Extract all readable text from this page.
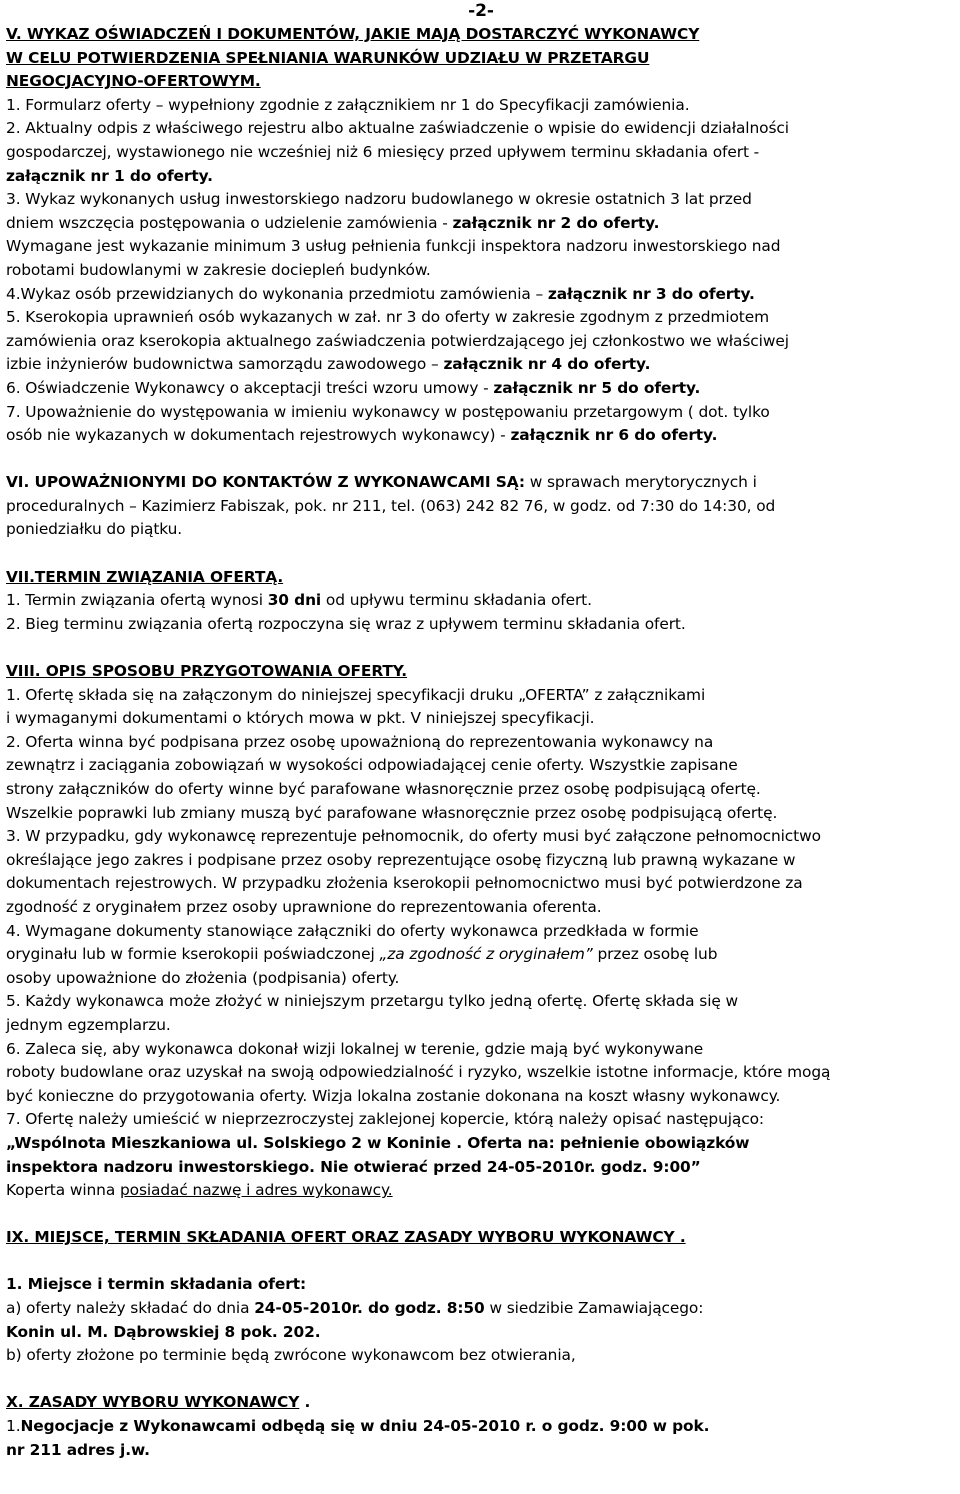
-2-
V. WYKAZ OŚWIADCZEŃ I DOKUMENTÓW, JAKIE MAJĄ DOSTARCZYĆ WYKONAWCY
W CELU POTWIERDZENIA SPEŁNIANIA WARUNKÓW UDZIAŁU W PRZETARGU
NEGOCJACYJNO-OFERTOWYM.
1. Formularz oferty – wypełniony zgodnie z załącznikiem nr 1 do Specyfikacji zamówienia.
2. Aktualny odpis z właściwego rejestru albo aktualne zaświadczenie o wpisie do ewidencji działalności
gospodarczej, wystawionego nie wcześniej niż 6 miesięcy przed upływem terminu składania ofert -
załącznik nr 1 do oferty.
3. Wykaz wykonanych usług inwestorskiego nadzoru budowlanego w okresie ostatnich 3 lat przed
dniem wszczęcia postępowania o udzielenie zamówienia - załącznik nr 2 do oferty.
Wymagane jest wykazanie minimum 3 usług pełnienia funkcji inspektora nadzoru inwestorskiego nad
robotami budowlanymi w zakresie dociepleń budynków.
4.Wykaz osób przewidzianych do wykonania przedmiotu zamówienia – załącznik nr 3 do oferty.
5. Kserokopia uprawnień osób wykazanych w zał. nr 3 do oferty w zakresie zgodnym z przedmiotem
zamówienia oraz kserokopia aktualnego zaświadczenia potwierdzającego jej członkostwo we właściwej
izbie inżynierów budownictwa samorządu zawodowego – załącznik nr 4 do oferty.
6. Oświadczenie Wykonawcy o akceptacji treści wzoru umowy - załącznik nr 5 do oferty.
7. Upoważnienie do występowania w imieniu wykonawcy w postępowaniu przetargowym ( dot. tylko
osób nie wykazanych w dokumentach rejestrowych wykonawcy) - załącznik nr 6 do oferty.
VI. UPOWAŻNIONYMI DO KONTAKTÓW Z WYKONAWCAMI SĄ: w sprawach merytorycznych i
proceduralnych – Kazimierz Fabiszak, pok. nr 211, tel. (063) 242 82 76, w godz. od 7:30 do 14:30, od
poniedziałku do piątku.
VII.TERMIN ZWIĄZANIA OFERTĄ.
1. Termin związania ofertą wynosi 30 dni od upływu terminu składania ofert.
2. Bieg terminu związania ofertą rozpoczyna się wraz z upływem terminu składania ofert.
VIII. OPIS SPOSOBU PRZYGOTOWANIA OFERTY.
1. Ofertę składa się na załączonym do niniejszej specyfikacji druku „OFERTA” z załącznikami
i wymaganymi dokumentami o których mowa w pkt. V niniejszej specyfikacji.
2. Oferta winna być podpisana przez osobę upoważnioną do reprezentowania wykonawcy na
zewnątrz i zaciągania zobowiązań w wysokości odpowiadającej cenie oferty. Wszystkie zapisane
strony załączników do oferty winne być parafowane własnoręcznie przez osobę podpisującą ofertę.
Wszelkie poprawki lub zmiany muszą być parafowane własnoręcznie przez osobę podpisującą ofertę.
3. W przypadku, gdy wykonawcę reprezentuje pełnomocnik, do oferty musi być załączone pełnomocnictwo
określające jego zakres i podpisane przez osoby reprezentujące osobę fizyczną lub prawną wykazane w
dokumentach rejestrowych. W przypadku złożenia kserokopii pełnomocnictwo musi być potwierdzone za
zgodność z oryginałem przez osoby uprawnione do reprezentowania oferenta.
4. Wymagane dokumenty stanowiące załączniki do oferty wykonawca przedkłada w formie
oryginału lub w formie kserokopii poświadczonej „za zgodność z oryginałem” przez osobę lub
osoby upoważnione do złożenia (podpisania) oferty.
5. Każdy wykonawca może złożyć w niniejszym przetargu tylko jedną ofertę. Ofertę składa się w
jednym egzemplarzu.
6. Zaleca się, aby wykonawca dokonał wizji lokalnej w terenie, gdzie mają być wykonywane
roboty budowlane oraz uzyskał na swoją odpowiedzialność i ryzyko, wszelkie istotne informacje, które mogą
być konieczne do przygotowania oferty. Wizja lokalna zostanie dokonana na koszt własny wykonawcy.
7. Ofertę należy umieścić w nieprzezroczystej zaklejonej kopercie, którą należy opisać następująco:
„Wspólnota Mieszkaniowa ul. Solskiego 2 w Koninie . Oferta na: pełnienie obowiązków
inspektora nadzoru inwestorskiego. Nie otwierać przed 24-05-2010r. godz. 9:00”
Koperta winna posiadać nazwę i adres wykonawcy.
IX. MIEJSCE, TERMIN SKŁADANIA OFERT ORAZ ZASADY WYBORU WYKONAWCY .
1. Miejsce i termin składania ofert:
a) oferty należy składać do dnia 24-05-2010r. do godz. 8:50 w siedzibie Zamawiającego:
Konin ul. M. Dąbrowskiej 8 pok. 202.
b) oferty złożone po terminie będą zwrócone wykonawcom bez otwierania,
X. ZASADY WYBORU WYKONAWCY .
1.Negocjacje z Wykonawcami odbędą się w dniu 24-05-2010 r. o godz. 9:00 w pok.
nr 211 adres j.w.
